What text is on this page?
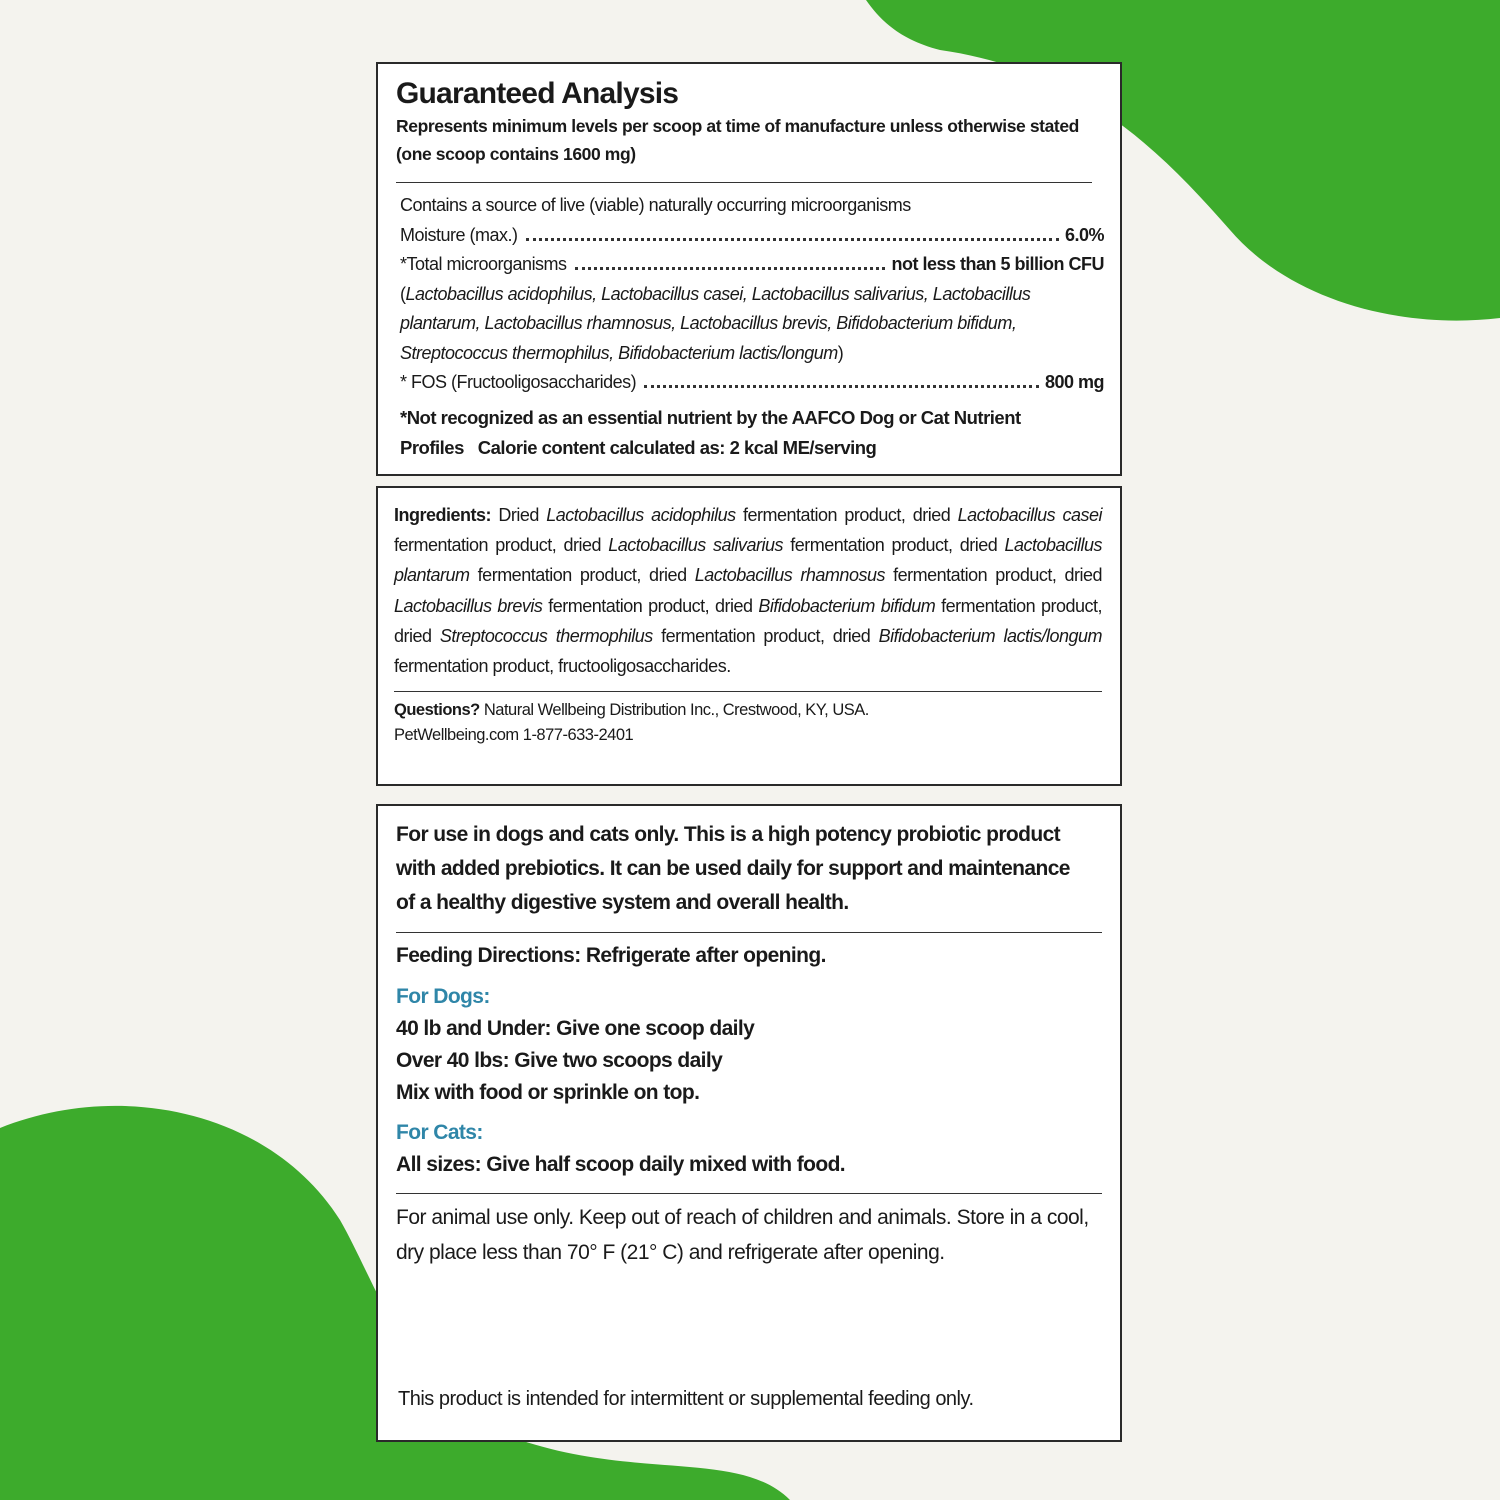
Guaranteed Analysis
Represents minimum levels per scoop at time of manufacture unless otherwise stated (one scoop contains 1600 mg)
Contains a source of live (viable) naturally occurring microorganisms
Moisture (max.)	6.0%
*Total microorganisms	not less than 5 billion CFU
(Lactobacillus acidophilus, Lactobacillus casei, Lactobacillus salivarius, Lactobacillus plantarum, Lactobacillus rhamnosus, Lactobacillus brevis, Bifidobacterium bifidum, Streptococcus thermophilus, Bifidobacterium lactis/longum)
* FOS (Fructooligosaccharides)	800 mg
*Not recognized as an essential nutrient by the AAFCO Dog or Cat Nutrient Profiles Calorie content calculated as: 2 kcal ME/serving
Ingredients: Dried Lactobacillus acidophilus fermentation product, dried Lactobacillus casei fermentation product, dried Lactobacillus salivarius fermentation product, dried Lactobacillus plantarum fermentation product, dried Lactobacillus rhamnosus fermentation product, dried Lactobacillus brevis fermentation product, dried Bifidobacterium bifidum fermentation product, dried Streptococcus thermophilus fermentation product, dried Bifidobacterium lactis/longum fermentation product, fructooligosaccharides.
Questions? Natural Wellbeing Distribution Inc., Crestwood, KY, USA.
PetWellbeing.com 1-877-633-2401
For use in dogs and cats only. This is a high potency probiotic product with added prebiotics. It can be used daily for support and maintenance of a healthy digestive system and overall health.
Feeding Directions: Refrigerate after opening.
For Dogs:
40 lb and Under: Give one scoop daily
Over 40 lbs: Give two scoops daily
Mix with food or sprinkle on top.
For Cats:
All sizes: Give half scoop daily mixed with food.
For animal use only. Keep out of reach of children and animals. Store in a cool, dry place less than 70° F (21° C) and refrigerate after opening.
This product is intended for intermittent or supplemental feeding only.
